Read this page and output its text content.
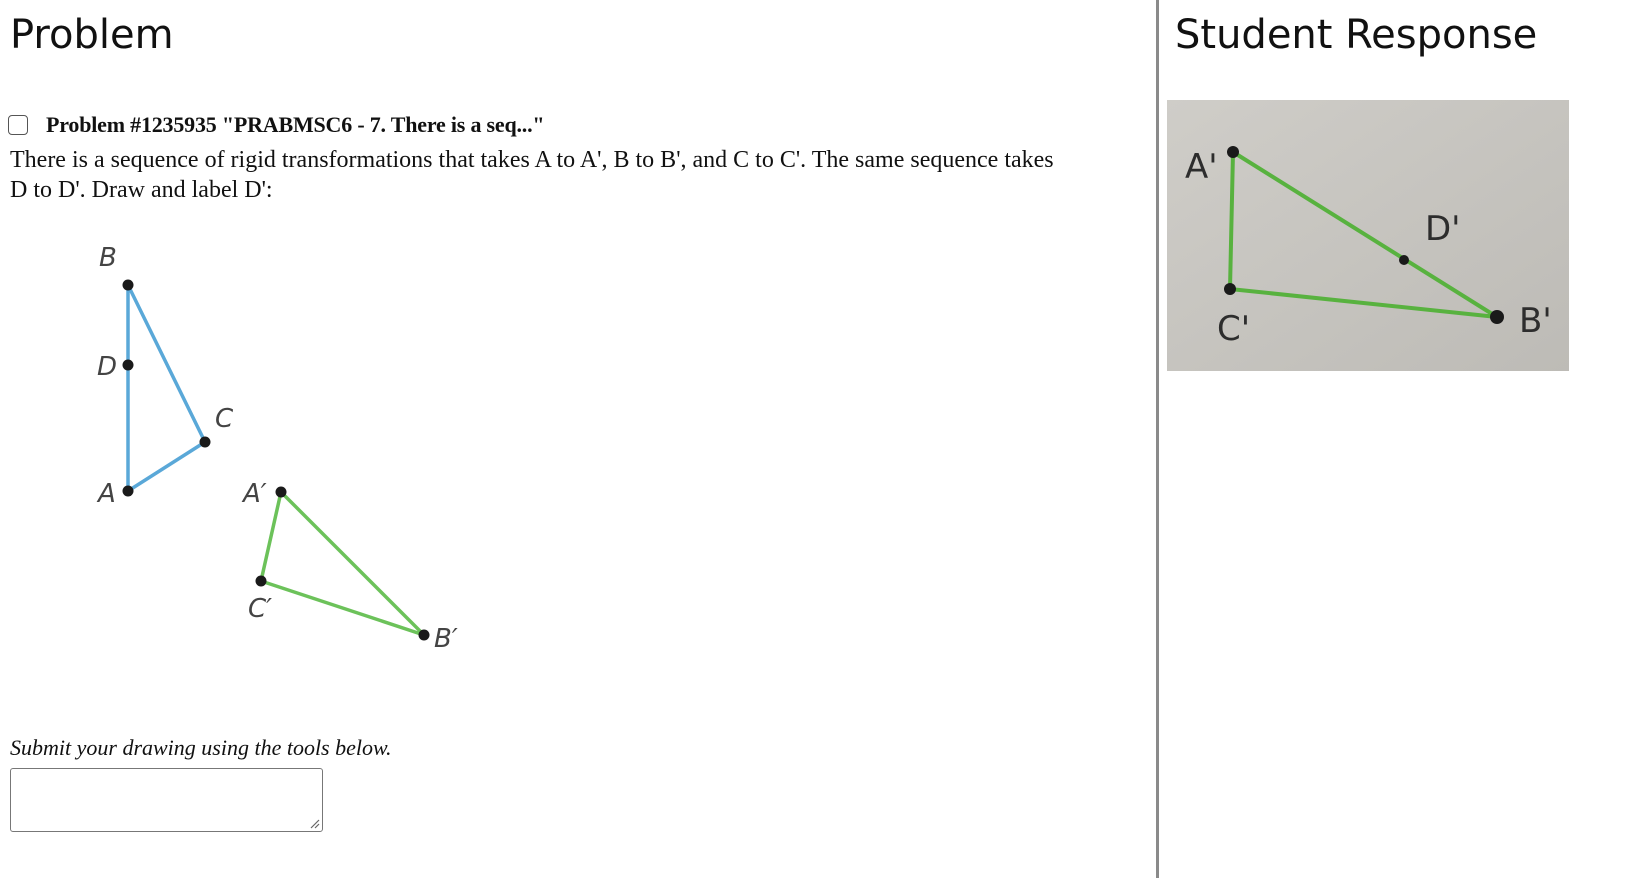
Problem
Problem #1235935 "PRABMSC6 - 7. There is a seq..."

There is a sequence of rigid transformations that takes A to A', B to B', and C to C'. The same sequence takes D to D'. Draw and label D':

B
D
C
A	A′
C′
B′

Submit your drawing using the tools below.

Student Response
A'
C'	B'
D'
